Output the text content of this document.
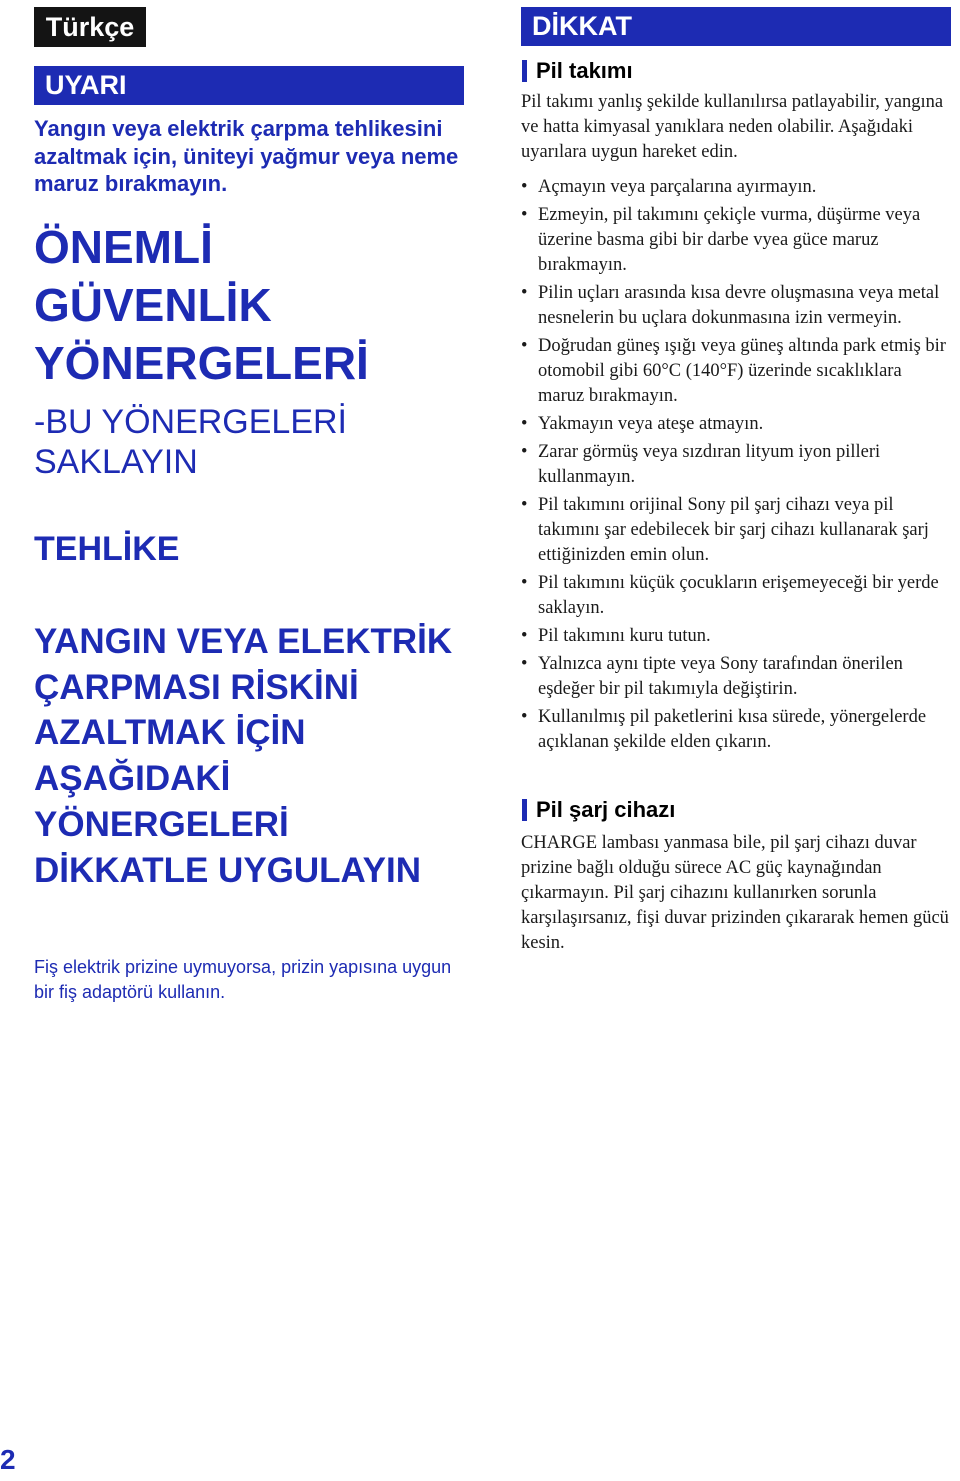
Türkçe
UYARI

Yangın veya elektrik çarpma tehlikesini azaltmak için, üniteyi yağmur veya neme maruz bırakmayın.

ÖNEMLİ
GÜVENLİK
YÖNERGELERİ

-BU YÖNERGELERİ
SAKLAYIN

TEHLİKE

YANGIN VEYA ELEKTRİK
ÇARPMASI RİSKİNİ
AZALTMAK İÇİN
AŞAĞIDAKİ
YÖNERGELERİ
DİKKATLE UYGULAYIN

Fiş elektrik prizine uymuyorsa, prizin yapısına uygun bir fiş adaptörü kullanın.

DİKKAT
Pil takımı

Pil takımı yanlış şekilde kullanılırsa patlayabilir, yangına ve hatta kimyasal yanıklara neden olabilir. Aşağıdaki uyarılara uygun hareket edin.

• Açmayın veya parçalarına ayırmayın.
• Ezmeyin, pil takımını çekiçle vurma, düşürme veya üzerine basma gibi bir darbe vyea güce maruz bırakmayın.
• Pilin uçları arasında kısa devre oluşmasına veya metal nesnelerin bu uçlara dokunmasına izin vermeyin.
• Doğrudan güneş ışığı veya güneş altında park etmiş bir otomobil gibi 60°C (140°F) üzerinde sıcaklıklara maruz bırakmayın.
• Yakmayın veya ateşe atmayın.
• Zarar görmüş veya sızdıran lityum iyon pilleri kullanmayın.
• Pil takımını orijinal Sony pil şarj cihazı veya pil takımını şar edebilecek bir şarj cihazı kullanarak şarj ettiğinizden emin olun.
• Pil takımını küçük çocukların erişemeyeceği bir yerde saklayın.
• Pil takımını kuru tutun.
• Yalnızca aynı tipte veya Sony tarafından önerilen eşdeğer bir pil takımıyla değiştirin.
• Kullanılmış pil paketlerini kısa sürede, yönergelerde açıklanan şekilde elden çıkarın.
Pil şarj cihazı

CHARGE lambası yanmasa bile, pil şarj cihazı duvar prizine bağlı olduğu sürece AC güç kaynağından çıkarmayın. Pil şarj cihazını kullanırken sorunla karşılaşırsanız, fişi duvar prizinden çıkararak hemen gücü kesin.

2
